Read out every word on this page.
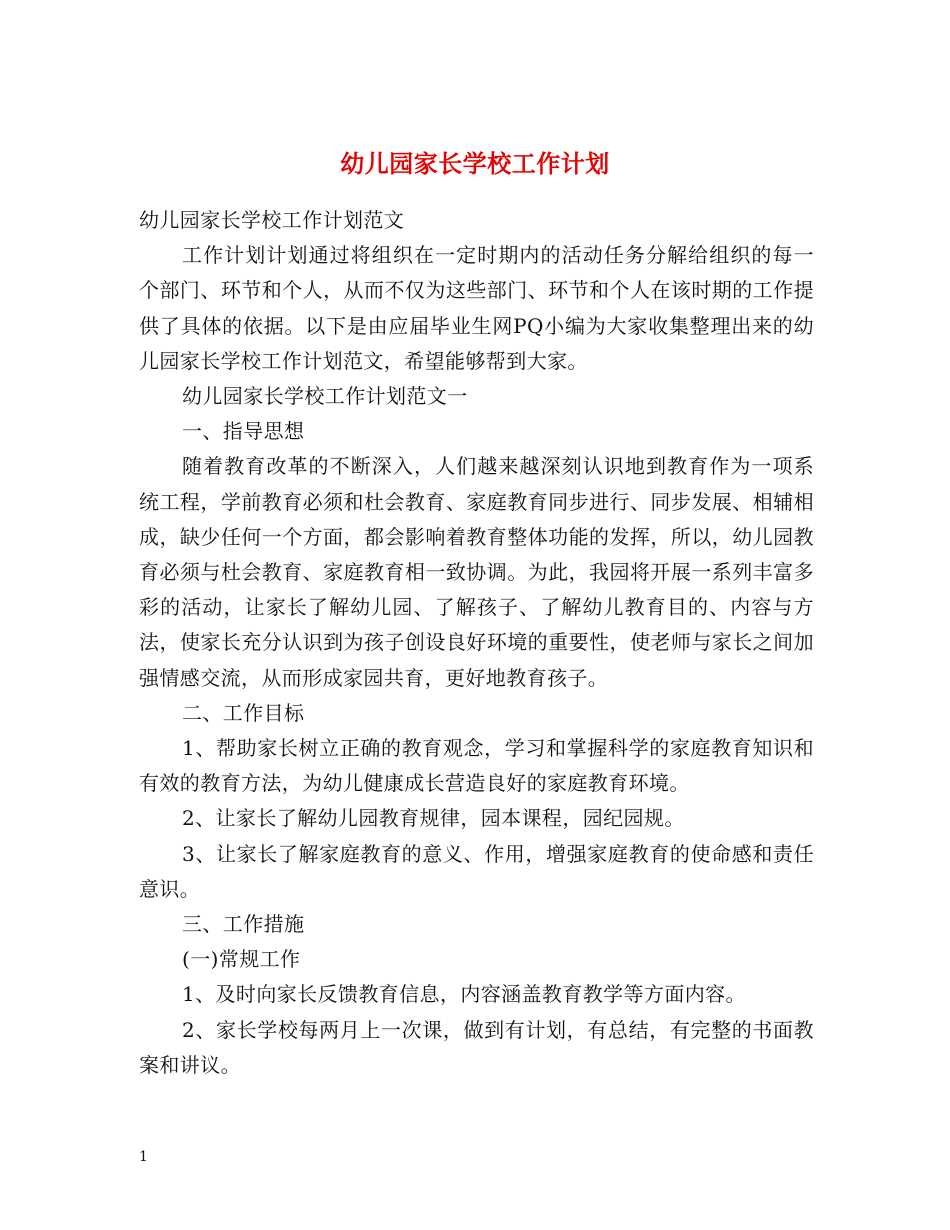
幼儿园家长学校工作计划

幼儿园家长学校工作计划范文

工作计划计划通过将组织在一定时期内的活动任务分解给组织的每一个部门、环节和个人，从而不仅为这些部门、环节和个人在该时期的工作提供了具体的依据。以下是由应届毕业生网PQ小编为大家收集整理出来的幼儿园家长学校工作计划范文，希望能够帮到大家。

幼儿园家长学校工作计划范文一

一、指导思想

随着教育改革的不断深入，人们越来越深刻认识地到教育作为一项系统工程，学前教育必须和杜会教育、家庭教育同步进行、同步发展、相辅相成，缺少任何一个方面，都会影响着教育整体功能的发挥，所以，幼儿园教育必须与杜会教育、家庭教育相一致协调。为此，我园将开展一系列丰富多彩的活动，让家长了解幼儿园、了解孩子、了解幼儿教育目的、内容与方法，使家长充分认识到为孩子创设良好环境的重要性，使老师与家长之间加强情感交流，从而形成家园共育，更好地教育孩子。

二、工作目标

1、帮助家长树立正确的教育观念，学习和掌握科学的家庭教育知识和有效的教育方法，为幼儿健康成长营造良好的家庭教育环境。

2、让家长了解幼儿园教育规律，园本课程，园纪园规。

3、让家长了解家庭教育的意义、作用，增强家庭教育的使命感和责任意识。

三、工作措施

(一)常规工作

1、及时向家长反馈教育信息，内容涵盖教育教学等方面内容。

2、家长学校每两月上一次课，做到有计划，有总结，有完整的书面教案和讲议。

1
